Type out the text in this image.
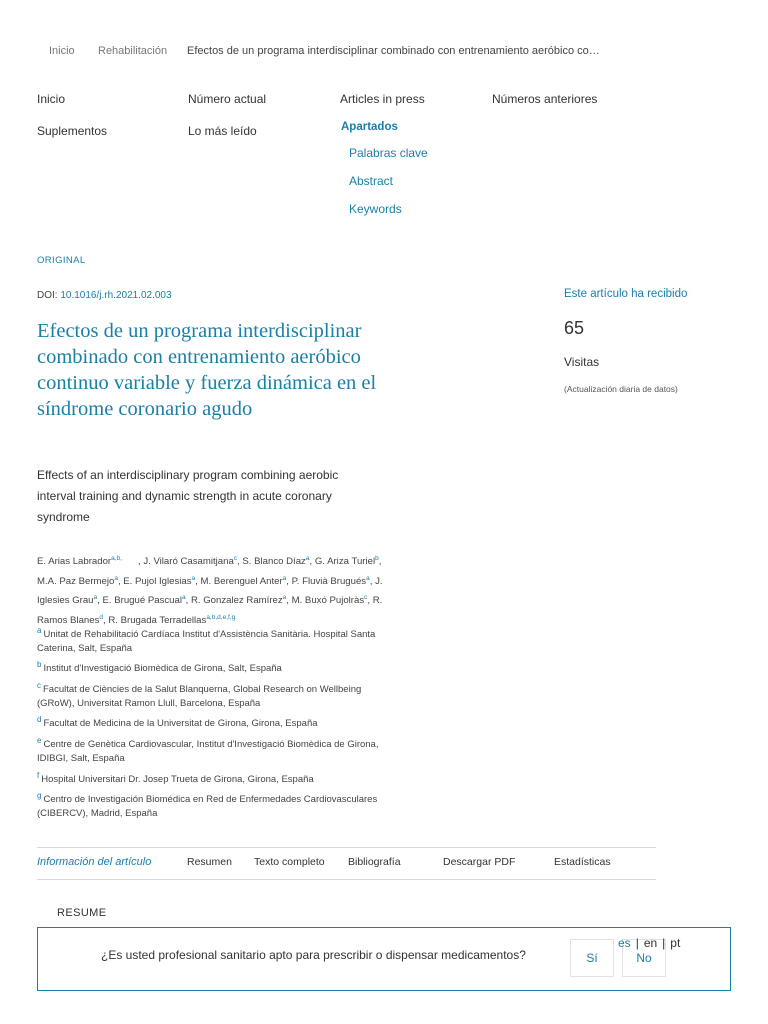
Inicio	Rehabilitación	Efectos de un programa interdisciplinar combinado con entrenamiento aeróbico co…
Inicio
Suplementos
Número actual
Lo más leído
Articles in press
Apartados
Números anteriores
Palabras clave
Abstract
Keywords
ORIGINAL
DOI: 10.1016/j.rh.2021.02.003
Efectos de un programa interdisciplinar combinado con entrenamiento aeróbico continuo variable y fuerza dinámica en el síndrome coronario agudo
Effects of an interdisciplinary program combining aerobic interval training and dynamic strength in acute coronary syndrome
E. Arias Labrador$^{a,b,}$      , J. Vilaró Casamitjana$^c$, S. Blanco Díaz$^a$, G. Ariza Turiel$^b$, M.A. Paz Bermejo$^a$, E. Pujol Iglesias$^a$, M. Berenguel Anter$^a$, P. Fluvià Brugués$^a$, J. Iglesies Grau$^a$, E. Brugué Pascual$^a$, R. Gonzalez Ramírez$^a$, M. Buxó Pujolràs$^c$, R. Ramos Blanes$^d$, R. Brugada Terradellas$^{a,b,d,e,f,g}$
$^a$ Unitat de Rehabilitació Cardíaca Institut d'Assistència Sanitària. Hospital Santa Caterina, Salt, España
$^b$ Institut d'Investigació Biomèdica de Girona, Salt, España
$^c$ Facultat de Ciències de la Salut Blanquerna, Global Research on Wellbeing (GRoW), Universitat Ramon Llull, Barcelona, España
$^d$ Facultat de Medicina de la Universitat de Girona, Girona, España
$^e$ Centre de Genètica Cardiovascular, Institut d'Investigació Biomèdica de Girona, IDIBGI, Salt, España
$^f$ Hospital Universitari Dr. Josep Trueta de Girona, Girona, España
$^g$ Centro de Investigación Biomédica en Red de Enfermedades Cardiovasculares (CIBERCV), Madrid, España
Este artículo ha recibido
65
Visitas
(Actualización diaria de datos)
Información del artículo	Resumen Texto completo Bibliografía	Descargar PDF	Estadísticas
RESUME
¿Es usted profesional sanitario apto para prescribir o dispensar medicamentos?	Sí	No
es | en | pt
